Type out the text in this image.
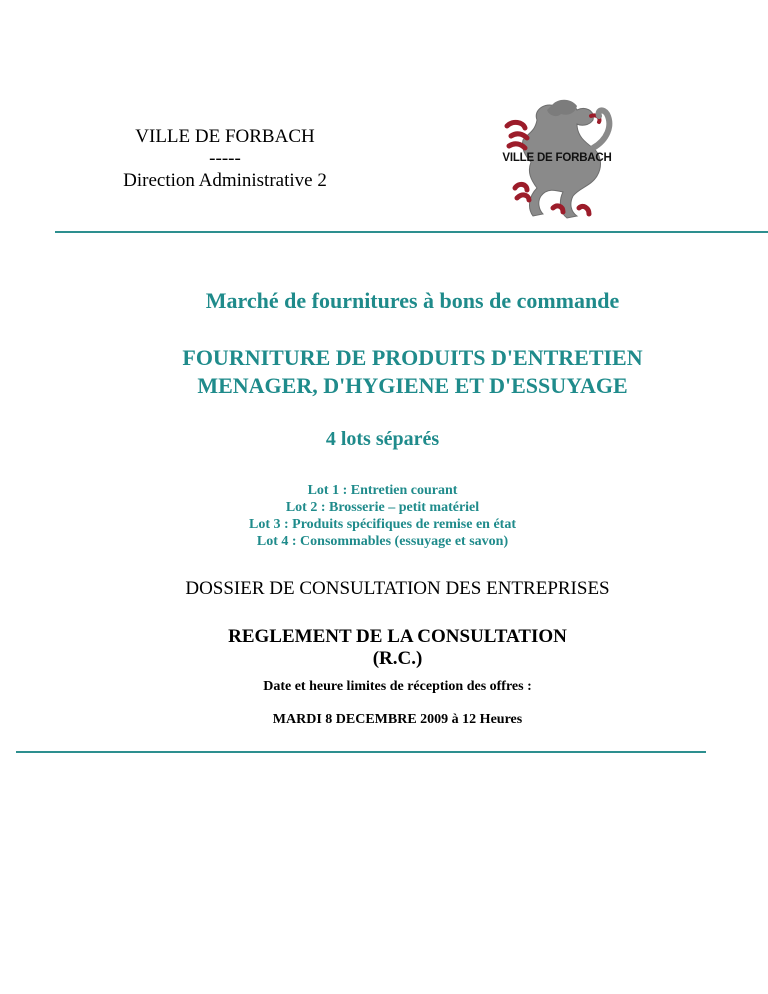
VILLE DE FORBACH
-----
Direction Administrative 2
VILLE DE FORBACH
Marché de fournitures à bons de commande
FOURNITURE DE PRODUITS D'ENTRETIEN
MENAGER, D'HYGIENE ET D'ESSUYAGE
4 lots séparés
Lot 1 : Entretien courant
Lot 2 : Brosserie – petit matériel
Lot 3 : Produits spécifiques de remise en état
Lot 4 : Consommables (essuyage et savon)
DOSSIER DE CONSULTATION DES ENTREPRISES
REGLEMENT DE LA CONSULTATION
(R.C.)
Date et heure limites de réception des offres :
MARDI 8 DECEMBRE 2009 à 12 Heures
